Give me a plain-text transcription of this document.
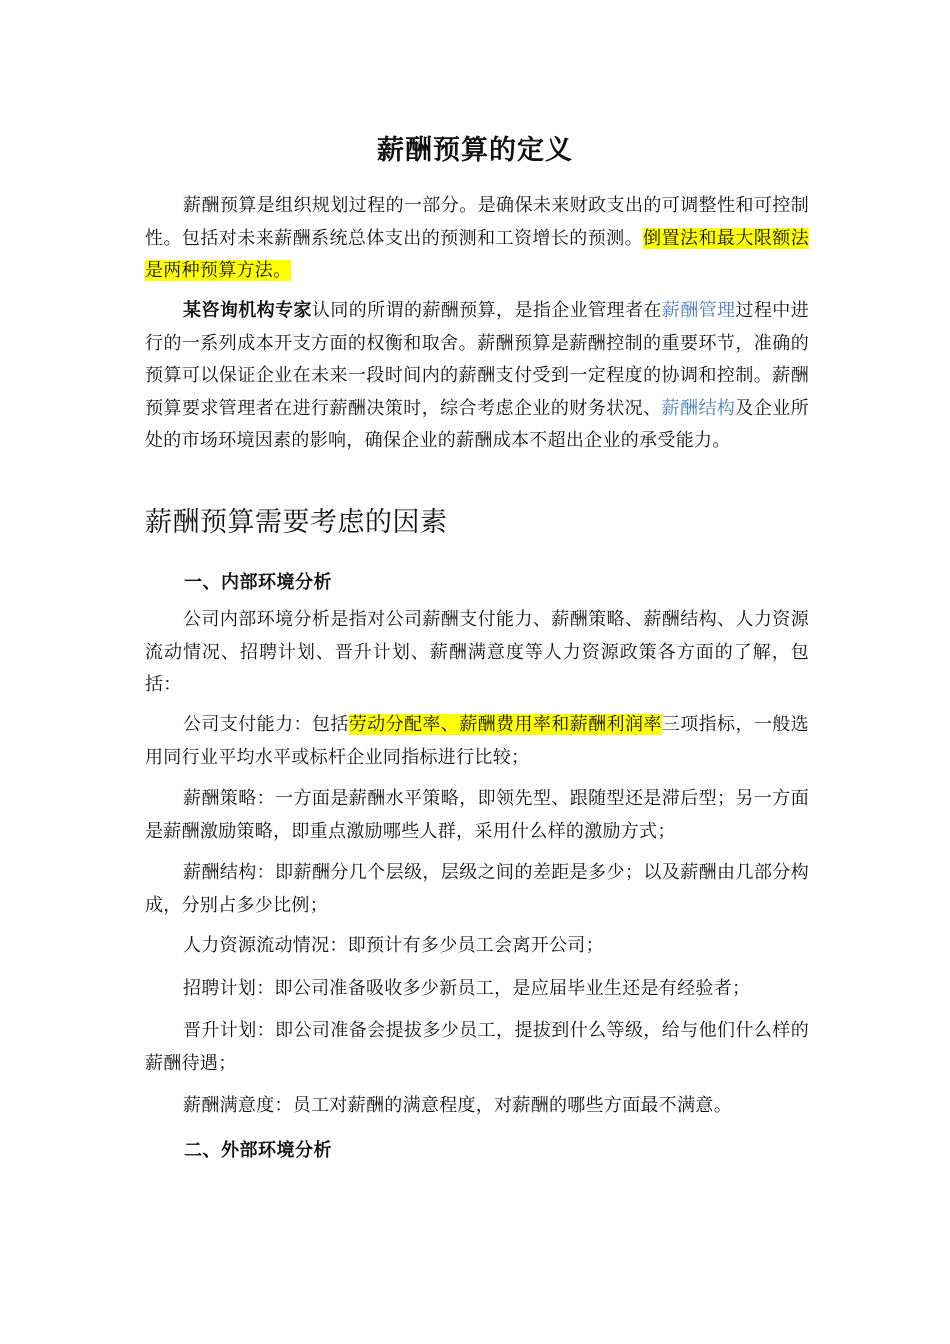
薪酬预算的定义

薪酬预算是组织规划过程的一部分。是确保未来财政支出的可调整性和可控制性。包括对未来薪酬系统总体支出的预测和工资增长的预测。倒置法和最大限额法是两种预算方法。

某咨询机构专家认同的所谓的薪酬预算，是指企业管理者在薪酬管理过程中进行的一系列成本开支方面的权衡和取舍。薪酬预算是薪酬控制的重要环节，准确的预算可以保证企业在未来一段时间内的薪酬支付受到一定程度的协调和控制。薪酬预算要求管理者在进行薪酬决策时，综合考虑企业的财务状况、薪酬结构及企业所处的市场环境因素的影响，确保企业的薪酬成本不超出企业的承受能力。

薪酬预算需要考虑的因素
一、内部环境分析

公司内部环境分析是指对公司薪酬支付能力、薪酬策略、薪酬结构、人力资源流动情况、招聘计划、晋升计划、薪酬满意度等人力资源政策各方面的了解，包括：

公司支付能力：包括劳动分配率、薪酬费用率和薪酬利润率三项指标，一般选用同行业平均水平或标杆企业同指标进行比较；

薪酬策略：一方面是薪酬水平策略，即领先型、跟随型还是滞后型；另一方面是薪酬激励策略，即重点激励哪些人群，采用什么样的激励方式；

薪酬结构：即薪酬分几个层级，层级之间的差距是多少；以及薪酬由几部分构成，分别占多少比例；

人力资源流动情况：即预计有多少员工会离开公司；

招聘计划：即公司准备吸收多少新员工，是应届毕业生还是有经验者；

晋升计划：即公司准备会提拔多少员工，提拔到什么等级，给与他们什么样的薪酬待遇；

薪酬满意度：员工对薪酬的满意程度，对薪酬的哪些方面最不满意。

二、外部环境分析
